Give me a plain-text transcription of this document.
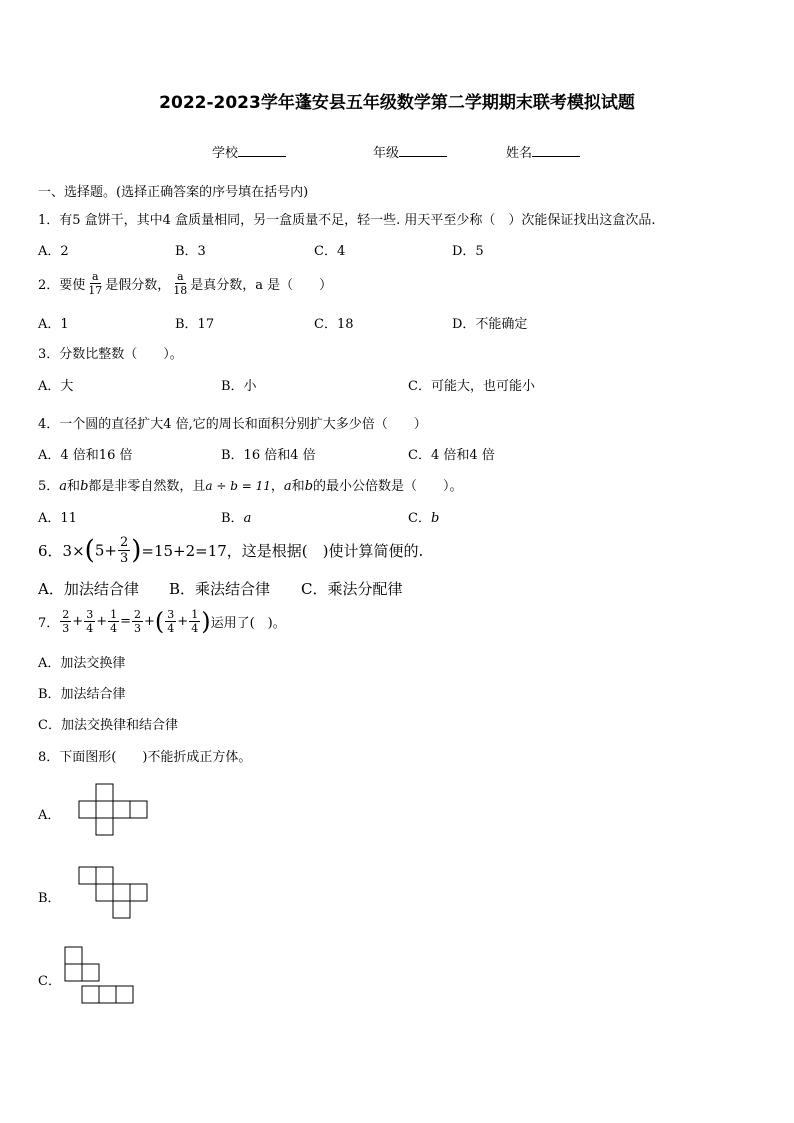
2022-2023学年蓬安县五年级数学第二学期期末联考模拟试题
学校	年级	姓名
一、选择题。(选择正确答案的序号填在括号内)
1．有5 盒饼干，其中4 盒质量相同，另一盒质量不足，轻一些. 用天平至少称（　）次能保证找出这盒次品.
A．2	B．3	C．4	D．5
2．要使 $\frac{a}{17}$ 是假分数， $\frac{a}{18}$ 是真分数，a 是（　　）
A．1	B．17	C．18	D．不能确定
3．分数比整数（　　）。
A．大	B．小	C．可能大，也可能小
4．一个圆的直径扩大4 倍,它的周长和面积分别扩大多少倍（　　）
A．4 倍和16 倍	B．16 倍和4 倍	C．4 倍和4 倍
5．a和b都是非零自然数，且a ÷ b = 11，a和b的最小公倍数是（　　）。
A．11	B．a	C．b
6．$3\times(5+ \frac{2}{3} )=15+2=17$，这是根据(　)使计算简便的.
A．加法结合律 B．乘法结合律 C．乘法分配律
7． $\frac{2}{3} + \frac{3}{4} + \frac{1}{4} = \frac{2}{3}$ +( $\frac{3}{4} + \frac{1}{4}$ )运用了(　)。
A．加法交换律
B．加法结合律
C．加法交换律和结合律
8．下面图形(　　)不能折成正方体。
A．
B．
C．
